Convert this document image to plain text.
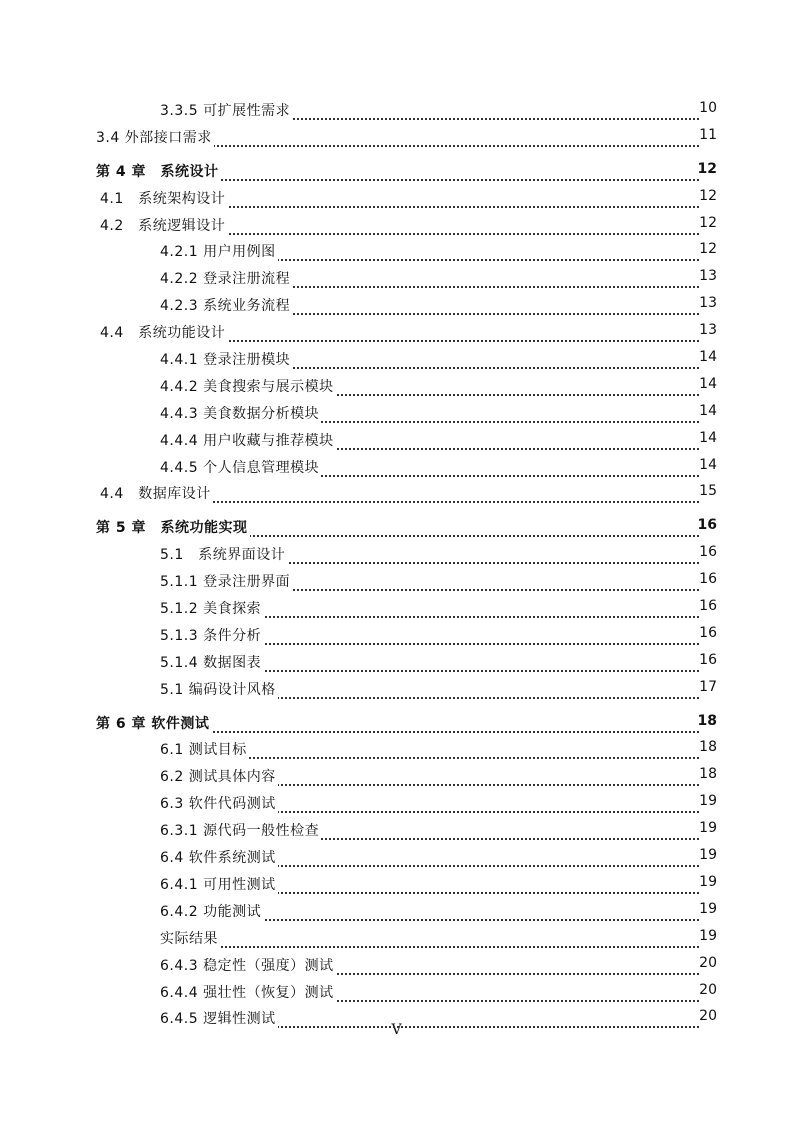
3.3.5 可扩展性需求	10
3.4 外部接口需求	11
第 4 章　系统设计	12
4.1　系统架构设计	12
4.2　系统逻辑设计	12
4.2.1 用户用例图	12
4.2.2 登录注册流程	13
4.2.3 系统业务流程	13
4.4　系统功能设计	13
4.4.1 登录注册模块	14
4.4.2 美食搜索与展示模块	14
4.4.3 美食数据分析模块	14
4.4.4 用户收藏与推荐模块	14
4.4.5 个人信息管理模块	14
4.4　数据库设计	15
第 5 章　系统功能实现	16
5.1　系统界面设计	16
5.1.1 登录注册界面	16
5.1.2 美食探索	16
5.1.3 条件分析	16
5.1.4 数据图表	16
5.1 编码设计风格	17
第 6 章 软件测试	18
6.1 测试目标	18
6.2 测试具体内容	18
6.3 软件代码测试	19
6.3.1 源代码一般性检查	19
6.4 软件系统测试	19
6.4.1 可用性测试	19
6.4.2 功能测试	19
实际结果	19
6.4.3 稳定性（强度）测试	20
6.4.4 强壮性（恢复）测试	20
6.4.5 逻辑性测试	20
V
